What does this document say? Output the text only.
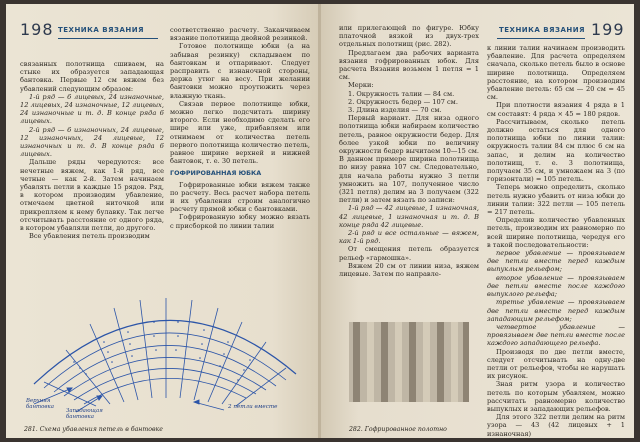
198 ТЕХНИКА ВЯЗАНИЯ

связанных полотнища сшиваем, на стыке их образуется западающая бантовка. Первые 12 см вяжем без убавлений следующим образом:

1-й ряд — 6 лицевых, 24 изнаночные, 12 лицевых, 24 изнаночные, 12 лицевых, 24 изнаночные и т. д. В конце ряда 6 лицевых.

2-й ряд — 6 изнаночных, 24 лицевые, 12 изнаночных, 24 лицевые, 12 изнаночных и т. д. В конце ряда 6 лицевых.

Дальше ряды чередуются: все нечетные вяжем, как 1-й ряд, все четные — как 2-й. Затем начинаем убавлять петли в каждые 15 рядов. Ряд, в котором производим убавление, отмечаем цветной ниточкой или прикрепляем к нему булавку. Так легче отсчитывать расстояние от одного ряда, в котором убавляли петли, до другого.

Все убавления петель производим

соответственно расчету. Заканчиваем вязание полотнища двойной резинкой.

Готовое полотнище юбки (а на забывая резинку) складываем по бантовкам и отпаривают. Следует расправить с изнаночной стороны, держа утюг на весу. При желании бантовки можно проутюжить через влажную ткань.

Связав первое полотнище юбки, можно легко подсчитать ширину второго. Если необходимо сделать его шире или уже, прибавляем или отнимаем от количества петель первого полотнища количество петель, равное ширине верхней и нижней бантовок, т. е. 30 петель.

ГОФРИРОВАННАЯ ЮБКА

Гофрированные юбки вяжем также по расчету. Весь расчет набора петель и их убавления строим аналогично расчету прямой юбки с бантовками.

Гофрированную юбку можно вязать с присборкой по линии талии

Верхняя бантовка
Западающая бантовка
2 петли вместе
281. Схема убавления петель в бантовке
199
ТЕХНИКА ВЯЗАНИЯ

или прилегающей по фигуре. Юбку платочной вязкой из двух-трех отдельных полотнищ (рис. 282).

Предлагаем два рабочих варианта вязания гофрированных юбок. Для расчета Вязания возьмем 1 петля = 1 см.

Мерки:

1. Окружность талии — 84 см.

2. Окружность бедер — 107 см.

3. Длина изделия — 70 см.

Первый вариант. Для низа одного полотнища юбки набираем количество петель, равное окружности бедер. Для более узкой юбки по величину окружности бедер вычитаем 10—15 см. В данном примере ширина полотнища по низу равна 107 см. Следовательно, для начала работы нужно 3 петли умножить на 107, полученное число (321 петля) делим на 3 получаем (322 петли) и затем вязать по записи:

1-й ряд — 42 лицевые, 1 изнаночная, 42 лицевые, 1 изнаночная и т. д. В конце ряда 42 лицевые.

2-й ряд и все остальные — вяжем, как 1-й ряд.

От смещения петель образуется рельеф «гармошка».

Вяжем 20 см от линии низа, вяжем лицевые. Затем по направле-

282. Гофрированное полотно

к линии талии начинаем производить убавление. Для расчета определяем сначала, сколько петель было в основе ширине полотнища. Определяем расстояние, на котором производим убавление петель: 65 см — 20 см = 45 см.

При плотности вязания 4 ряда в 1 см составят: 4 ряда × 45 = 180 рядов.

Рассчитываем, сколько петель должно остаться для одного полотнища юбки по линии талии: окружность талии 84 см плюс 6 см на запас, и делим на количество полотнищ, т. е. 3 полотнища, получаем 35 см, и умножаем на 3 (по горизонтали) = 105 петель.

Теперь можно определить, сколько петель нужно убавить от низа юбки до линии талии: 322 петли — 105 петель = 217 петель.

Определив количество убавленных петель, производим их равномерно по всей ширине полотнища, чередуя его в такой последовательности:

первое убавление — провязываем две петли вместе перед каждым выпуклым рельефом;

второе убавление — провязываем две петли вместе после каждого выпуклого рельефа;

третье убавление — провязываем две петли вместе перед каждым западающим рельефом;

четвертое убавление — провязываем две петли вместе после каждого западающего рельефа.

Производя по две петли вместе, следует отсчитывать на одну-две петли от рельефов, чтобы не нарушать их рисунок.

Зная ритм узора и количество петель по которым убавляем, можно рассчитать равномерно количество выпуклых и западающих рельефов.

Для этого 322 петли делим на ритм узора — 43 (42 лицевых + 1 изнаночная)
